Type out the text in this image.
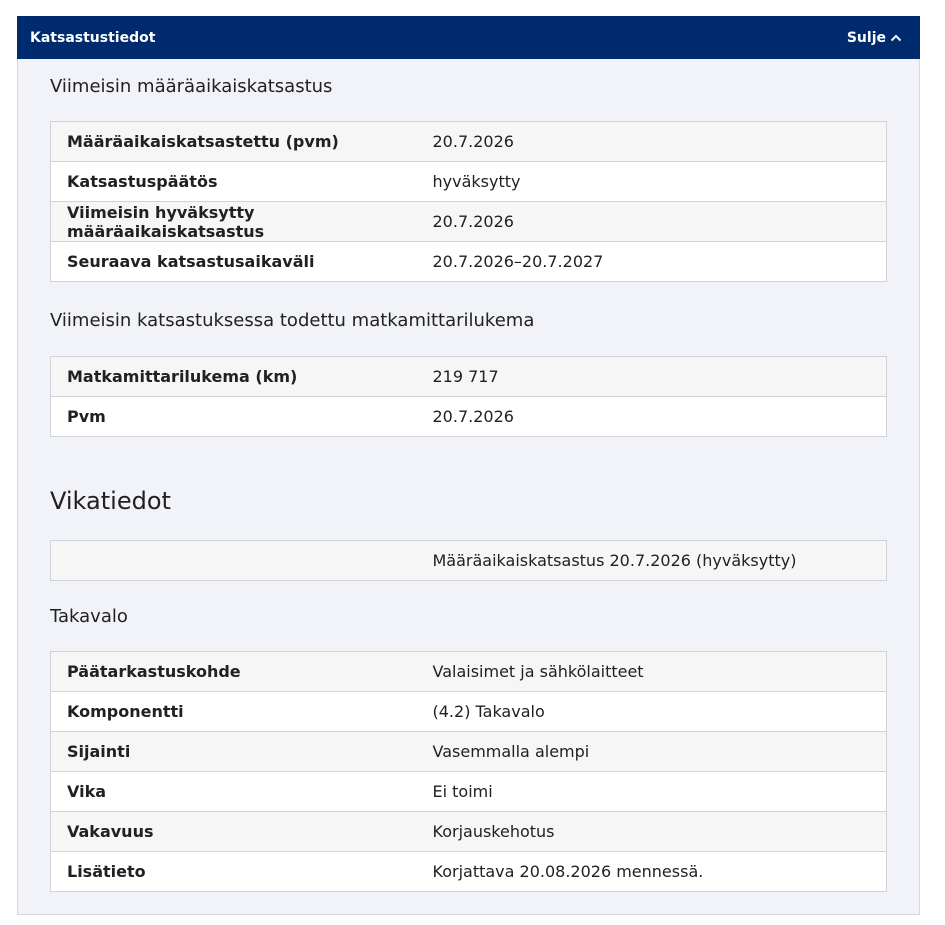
Katsastustiedot	Sulje
Viimeisin määräaikaiskatsastus
Määräaikaiskatsastettu (pvm)	20.7.2026
Katsastuspäätös	hyväksytty
Viimeisin hyväksytty määräaikaiskatsastus	20.7.2026
Seuraava katsastusaikaväli	20.7.2026–20.7.2027
Viimeisin katsastuksessa todettu matkamittarilukema
Matkamittarilukema (km)	219 717
Pvm	20.7.2026
Vikatiedot
	Määräaikaiskatsastus 20.7.2026 (hyväksytty)
Takavalo
Päätarkastuskohde	Valaisimet ja sähkölaitteet
Komponentti	(4.2) Takavalo
Sijainti	Vasemmalla alempi
Vika	Ei toimi
Vakavuus	Korjauskehotus
Lisätieto	Korjattava 20.08.2026 mennessä.
